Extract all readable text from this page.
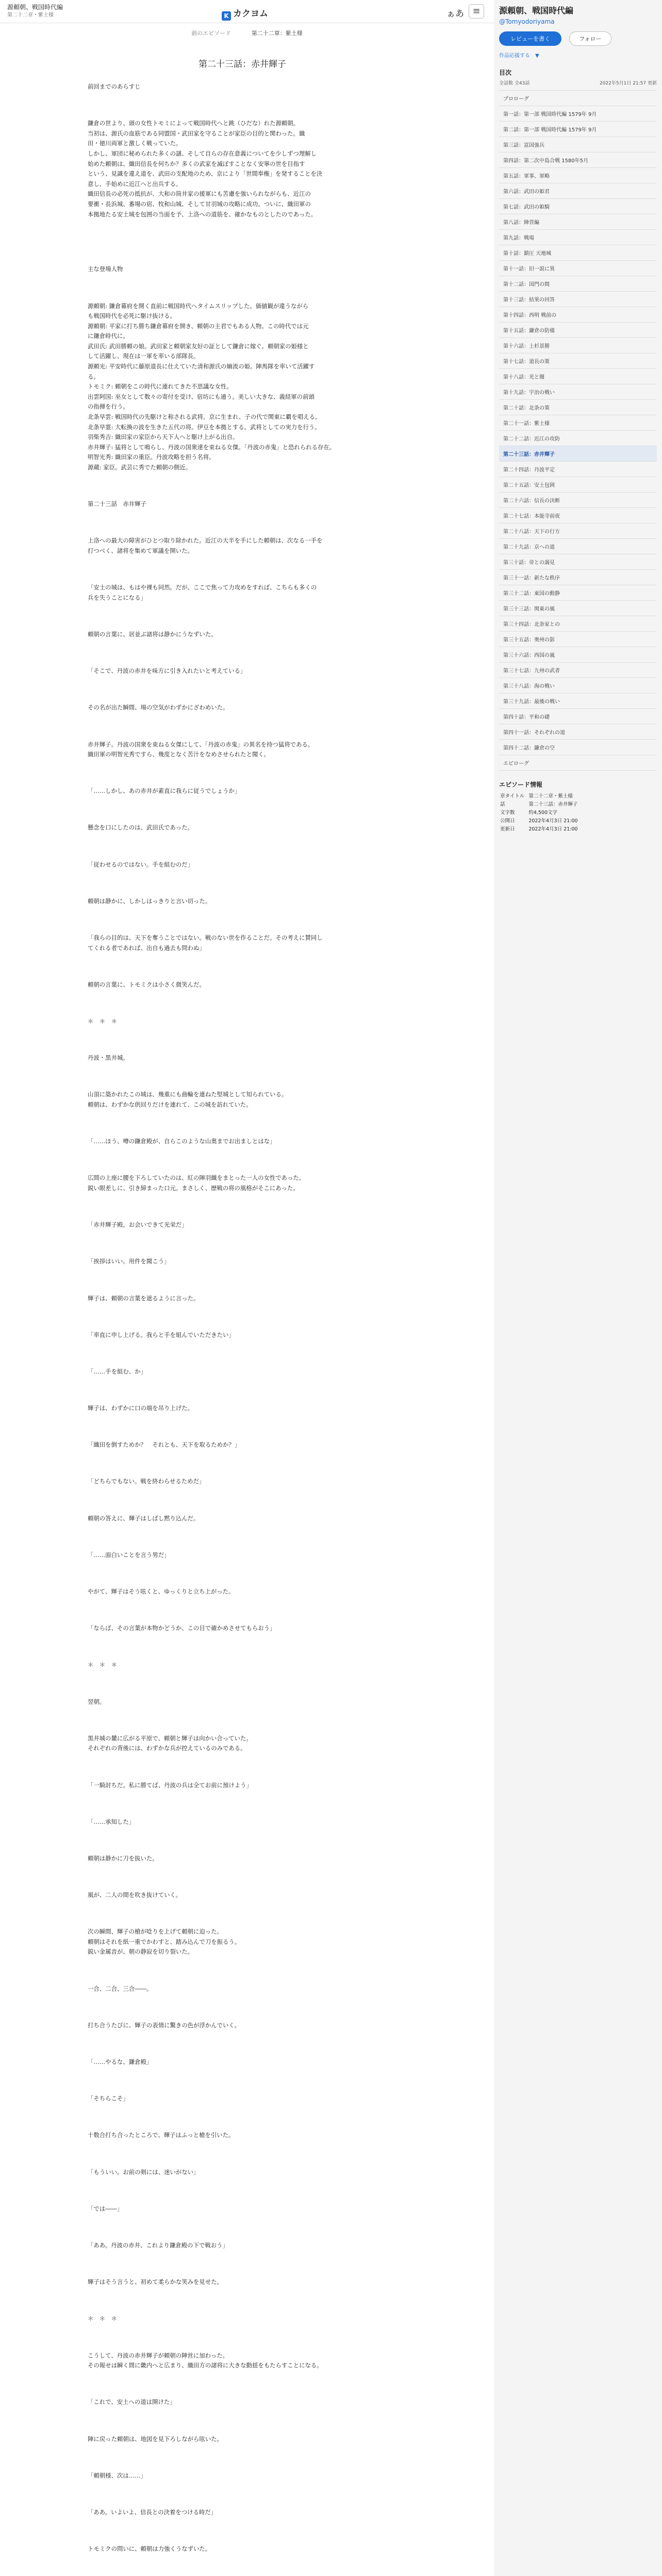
源頼朝、戦国時代編
第二十二章・紫土様	K カクヨム	ぁあ ≡
前のエピソード	第二十二章：紫土様
第二十三話：赤井輝子

前回までのあらすじ

鎌倉の世より、頭の女性トモミによって戦国時代へと跳（ひだな）れた源頼朝。

当初は、源氏の血筋である同盟国・武田家を守ることが家臣の目的と関わった。織

田・徳川両軍と激しく戦っていた。

しかし、軍団に秘められた多くの謎、そして自らの存在意義についてを少しずつ理解し

始めた頼朝は、織田信長を何ちか？多くの武家を滅ぼすことなく安寧の世を目指す

という、見識を違え道を、武田の支配地のため、京により「世間奉権」を発することを決

意し、手始めに近江へと出兵する。

織田信長の必死の抵抗が、大和の筒井家の援軍にも苦慮を強いられながらも、近江の

要衝・長浜城、番場の宿、牧和山城、そして甘羽城の攻略に成功。ついに、織田軍の

本拠地たる安土城を包囲の当面を予、上洛への道筋を、確かなものとしたのであった。

主な登場人物

源頼朝: 鎌倉幕府を開く直前に戦国時代へタイムスリップした。価値観が違うながら

も戦国時代を必死に駆け抜ける。

源頼朝: 平家に打ち勝ち鎌倉幕府を開き、頼朝の主君でもある人物。この時代では元

に鎌倉時代に。

武田氏: 武田勝頼の娘。武田家と頼朝家友好の証として鎌倉に嫁ぐ。頼朝家の姫様と

して活躍し、現在は一軍を率いる部隊長。

源頼光: 平安時代に藤原道長に仕えていた清和源氏の嫡流の姫。陣馬隊を率いて活躍す

る。

トモミク: 頼朝をこの時代に連れてきた不思議な女性。

出雲阿国: 巫女として数々の寄付を受け、宿坊にも通う。美しい大きな、義経軍の前頭

の指揮を行う。

北条早雲: 戦国時代の先駆けと称される武将。京に生まれ、子の代で関東に覇を唱える。

北条早霊: 大転換の波を生きた五代の将。伊豆を本拠とする。武将としての実力を行う。

羽柴秀吉: 織田家の家臣から天下人へと駆け上がる出自。

赤井輝子: 猛将として鳴らし、丹波の国衆達を束ねる女傑。「丹波の赤鬼」と恐れられる存在。

明智光秀: 織田家の重臣。丹波攻略を担う名将。

源蔵: 家臣。武芸に秀でた頼朝の側近。

第二十三話　赤井輝子

上洛への最大の障害がひとつ取り除かれた。近江の大半を手にした頼朝は、次なる一手を

打つべく、諸将を集めて軍議を開いた。

「安土の城は、もはや裸も同然。だが、ここで焦って力攻めをすれば、こちらも多くの

兵を失うことになる」

頼朝の言葉に、居並ぶ諸将は静かにうなずいた。

「そこで、丹波の赤井を味方に引き入れたいと考えている」

その名が出た瞬間、場の空気がわずかにざわめいた。

赤井輝子。丹波の国衆を束ねる女傑にして、「丹波の赤鬼」の異名を持つ猛将である。

織田軍の明智光秀ですら、幾度となく苦汁をなめさせられたと聞く。

「……しかし、あの赤井が素直に我らに従うでしょうか」

懸念を口にしたのは、武田氏であった。

「従わせるのではない。手を組むのだ」

頼朝は静かに、しかしはっきりと言い切った。

「我らの目的は、天下を奪うことではない。戦のない世を作ることだ。その考えに賛同し

てくれる者であれば、出自も過去も問わぬ」

頼朝の言葉に、トモミクは小さく微笑んだ。

＊　＊　＊

丹波・黒井城。

山頂に築かれたこの城は、幾重にも曲輪を連ねた堅城として知られている。

頼朝は、わずかな供回りだけを連れて、この城を訪れていた。

「……ほう、噂の鎌倉殿が、自らこのような山奥までお出ましとはな」

広間の上座に腰を下ろしていたのは、紅の陣羽織をまとった一人の女性であった。

鋭い眼差しに、引き締まった口元。まさしく、歴戦の将の風格がそこにあった。

「赤井輝子殿。お会いできて光栄だ」

「挨拶はいい。用件を聞こう」

輝子は、頼朝の言葉を遮るように言った。

「率直に申し上げる。我らと手を組んでいただきたい」

「……手を組む、か」

輝子は、わずかに口の端を吊り上げた。

「織田を倒すためか？　それとも、天下を取るためか？」

「どちらでもない。戦を終わらせるためだ」

頼朝の答えに、輝子はしばし黙り込んだ。

「……面白いことを言う男だ」

やがて、輝子はそう呟くと、ゆっくりと立ち上がった。

「ならば、その言葉が本物かどうか、この目で確かめさせてもらおう」

＊　＊　＊

翌朝。

黒井城の麓に広がる平原で、頼朝と輝子は向かい合っていた。

それぞれの背後には、わずかな兵が控えているのみである。

「一騎討ちだ。私に勝てば、丹波の兵は全てお前に預けよう」

「……承知した」

頼朝は静かに刀を抜いた。

風が、二人の間を吹き抜けていく。

次の瞬間、輝子の槍が唸りを上げて頼朝に迫った。

頼朝はそれを紙一重でかわすと、踏み込んで刀を振るう。

鋭い金属音が、朝の静寂を切り裂いた。

一合、二合、三合――。

打ち合うたびに、輝子の表情に驚きの色が浮かんでいく。

「……やるな、鎌倉殿」

「そちらこそ」

十数合打ち合ったところで、輝子はふっと槍を引いた。

「もういい。お前の剣には、迷いがない」

「では――」

「ああ。丹波の赤井、これより鎌倉殿の下で戦おう」

輝子はそう言うと、初めて柔らかな笑みを見せた。

＊　＊　＊

こうして、丹波の赤井輝子が頼朝の陣営に加わった。

その報せは瞬く間に畿内へと広まり、織田方の諸将に大きな動揺をもたらすことになる。

「これで、安土への道は開けた」

陣に戻った頼朝は、地図を見下ろしながら呟いた。

「頼朝様、次は……」

「ああ。いよいよ、信長との決着をつける時だ」

トモミクの問いに、頼朝は力強くうなずいた。

源頼朝、戦国時代編
@Tomyodoriyama
レビューを書く	フォロー
作品応援する　▼
目次
全話数 全43話	2022年5月1日 21:57 更新
プロローグ
第一話：第一部 戦国時代編 1579年 9月
第二話：第一部 戦国時代編 1579年 9月
第三話：富国強兵
第四話：第二次中島合戦 1580年5月
第五話：軍事、軍略
第六話：武田の姫君
第七話：武田の姫騎
第八話：陣営編
第九話：戦場
第十話：鎮圧 天地城
第十一話：旧一説に異
第十二話：国門の間
第十三話：結果の回答
第十四話：西明 戦前の
第十五話：鎌倉の防備
第十六話：上杉景勝
第十七話：道長の策
第十八話：光と闇
第十九話：宇治の戦い
第二十話：北条の策
第二十一話：紫土様
第二十二話：近江の攻防
第二十三話：赤井輝子
第二十四話：丹波平定
第二十五話：安土包囲
第二十六話：信長の決断
第二十七話：本能寺前夜
第二十八話：天下の行方
第二十九話：京への道
第三十話：帝との謁見
第三十一話：新たな秩序
第三十二話：東国の動静
第三十三話：関東の風
第三十四話：北条家との
第三十五話：奥州の影
第三十六話：西国の嵐
第三十七話：九州の武者
第三十八話：海の戦い
第三十九話：最後の戦い
第四十話：平和の礎
第四十一話：それぞれの道
第四十二話：鎌倉の空
エピローグ
エピソード情報
章タイトル	第二十二章・紫土様
話	第二十三話：赤井輝子
文字数	約4,500文字
公開日	2022年4月3日 21:00
更新日	2022年4月3日 21:00
